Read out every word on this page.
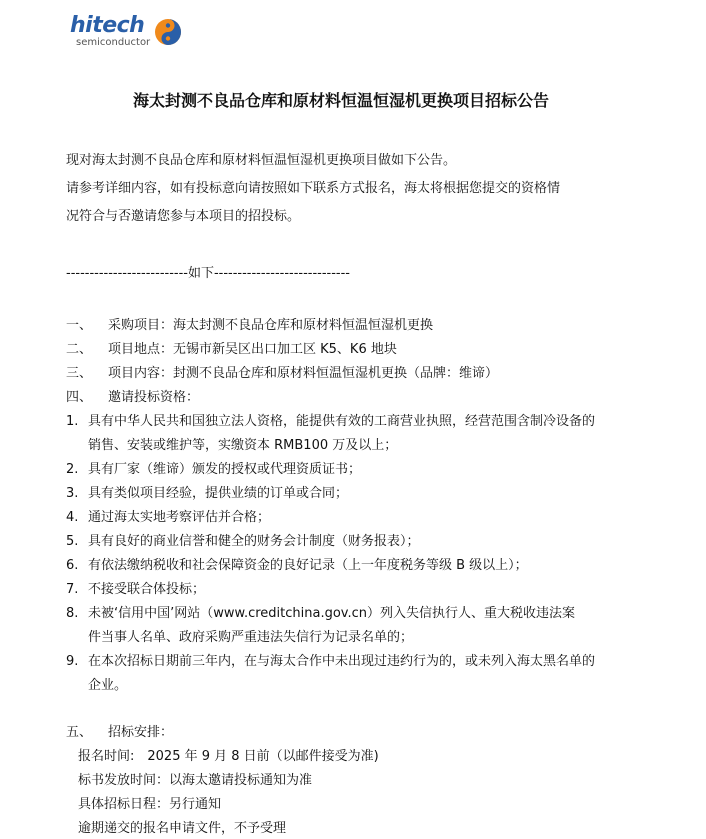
hitech
semiconductor
海太封测不良品仓库和原材料恒温恒湿机更换项目招标公告
现对海太封测不良品仓库和原材料恒温恒湿机更换项目做如下公告。
请参考详细内容，如有投标意向请按照如下联系方式报名，海太将根据您提交的资格情
况符合与否邀请您参与本项目的招投标。
--------------------------如下-----------------------------
一、 采购项目：海太封测不良品仓库和原材料恒温恒湿机更换
二、 项目地点：无锡市新吴区出口加工区 K5、K6 地块
三、 项目内容：封测不良品仓库和原材料恒温恒湿机更换（品牌：维谛）
四、 邀请投标资格：
1. 具有中华人民共和国独立法人资格，能提供有效的工商营业执照，经营范围含制冷设备的
销售、安装或维护等，实缴资本 RMB100 万及以上；
2. 具有厂家（维谛）颁发的授权或代理资质证书；
3. 具有类似项目经验，提供业绩的订单或合同；
4. 通过海太实地考察评估并合格；
5. 具有良好的商业信誉和健全的财务会计制度（财务报表）；
6. 有依法缴纳税收和社会保障资金的良好记录（上一年度税务等级 B 级以上）；
7. 不接受联合体投标；
8. 未被‘信用中国’网站（www.creditchina.gov.cn）列入失信执行人、重大税收违法案
件当事人名单、政府采购严重违法失信行为记录名单的；
9. 在本次招标日期前三年内，在与海太合作中未出现过违约行为的，或未列入海太黑名单的
企业。
五、 招标安排：
报名时间:　2025 年 9 月 8 日前（以邮件接受为准)
标书发放时间：以海太邀请投标通知为准
具体招标日程：另行通知
逾期递交的报名申请文件，不予受理
